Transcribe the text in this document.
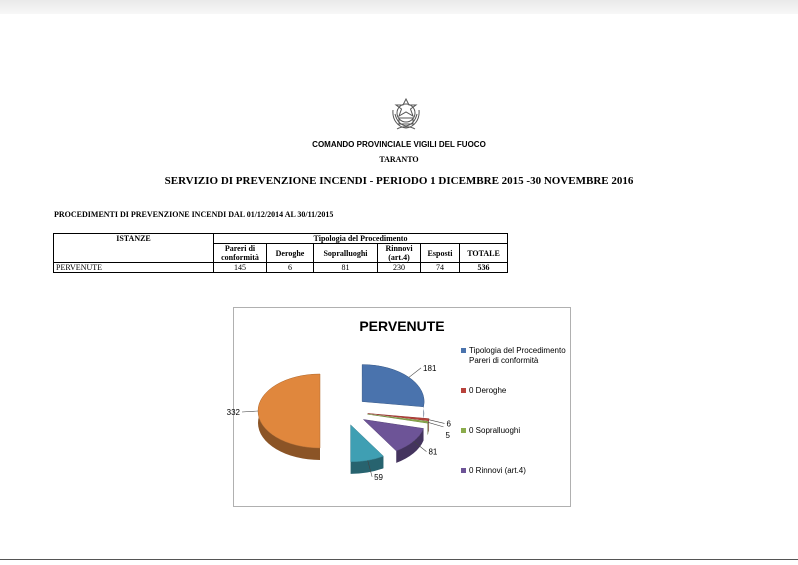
COMANDO PROVINCIALE VIGILI DEL FUOCO
TARANTO
SERVIZIO DI PREVENZIONE INCENDI - PERIODO 1 DICEMBRE 2015 -30 NOVEMBRE 2016
PROCEDIMENTI DI PREVENZIONE INCENDI DAL 01/12/2014 AL 30/11/2015
ISTANZE	Tipologia del Procedimento					
	Pareri di conformità	Deroghe	Sopralluoghi	Rinnovi (art.4)	Esposti	TOTALE
PERVENUTE	145	6	81	230	74	536
PERVENUTE
181
6
5
81
59
332
Tipologia del Procedimento Pareri di conformità
0 Deroghe
0 Sopralluoghi
0 Rinnovi (art.4)
